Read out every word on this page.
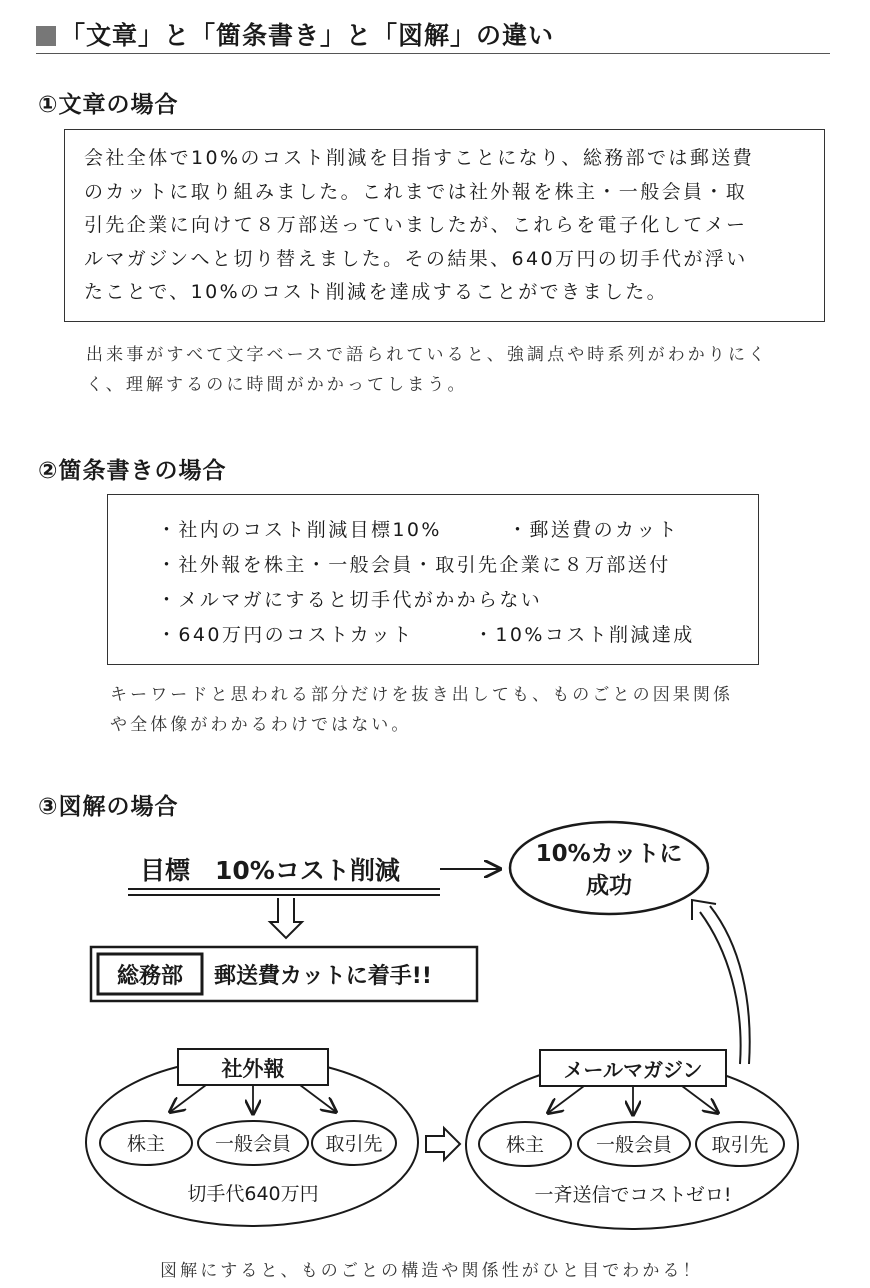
「文章」と「箇条書き」と「図解」の違い
①文章の場合
会社全体で10%のコスト削減を目指すことになり、総務部では郵送費
のカットに取り組みました。これまでは社外報を株主・一般会員・取
引先企業に向けて８万部送っていましたが、これらを電子化してメー
ルマガジンへと切り替えました。その結果、640万円の切手代が浮い
たことで、10%のコスト削減を達成することができました。
出来事がすべて文字ベースで語られていると、強調点や時系列がわかりにく
く、理解するのに時間がかかってしまう。
②箇条書きの場合
・社内のコスト削減目標10%	・郵送費のカット
・社外報を株主・一般会員・取引先企業に８万部送付
・メルマガにすると切手代がかからない
・640万円のコストカット	・10%コスト削減達成
キーワードと思われる部分だけを抜き出しても、ものごとの因果関係
や全体像がわかるわけではない。
③図解の場合
目標　10%コスト削減
10%カットに
成功
総務部 郵送費カットに着手!!
社外報
株主	一般会員 取引先
切手代640万円
メールマガジン
株主	一般会員 取引先
一斉送信でコストゼロ!
図解にすると、ものごとの構造や関係性がひと目でわかる！
